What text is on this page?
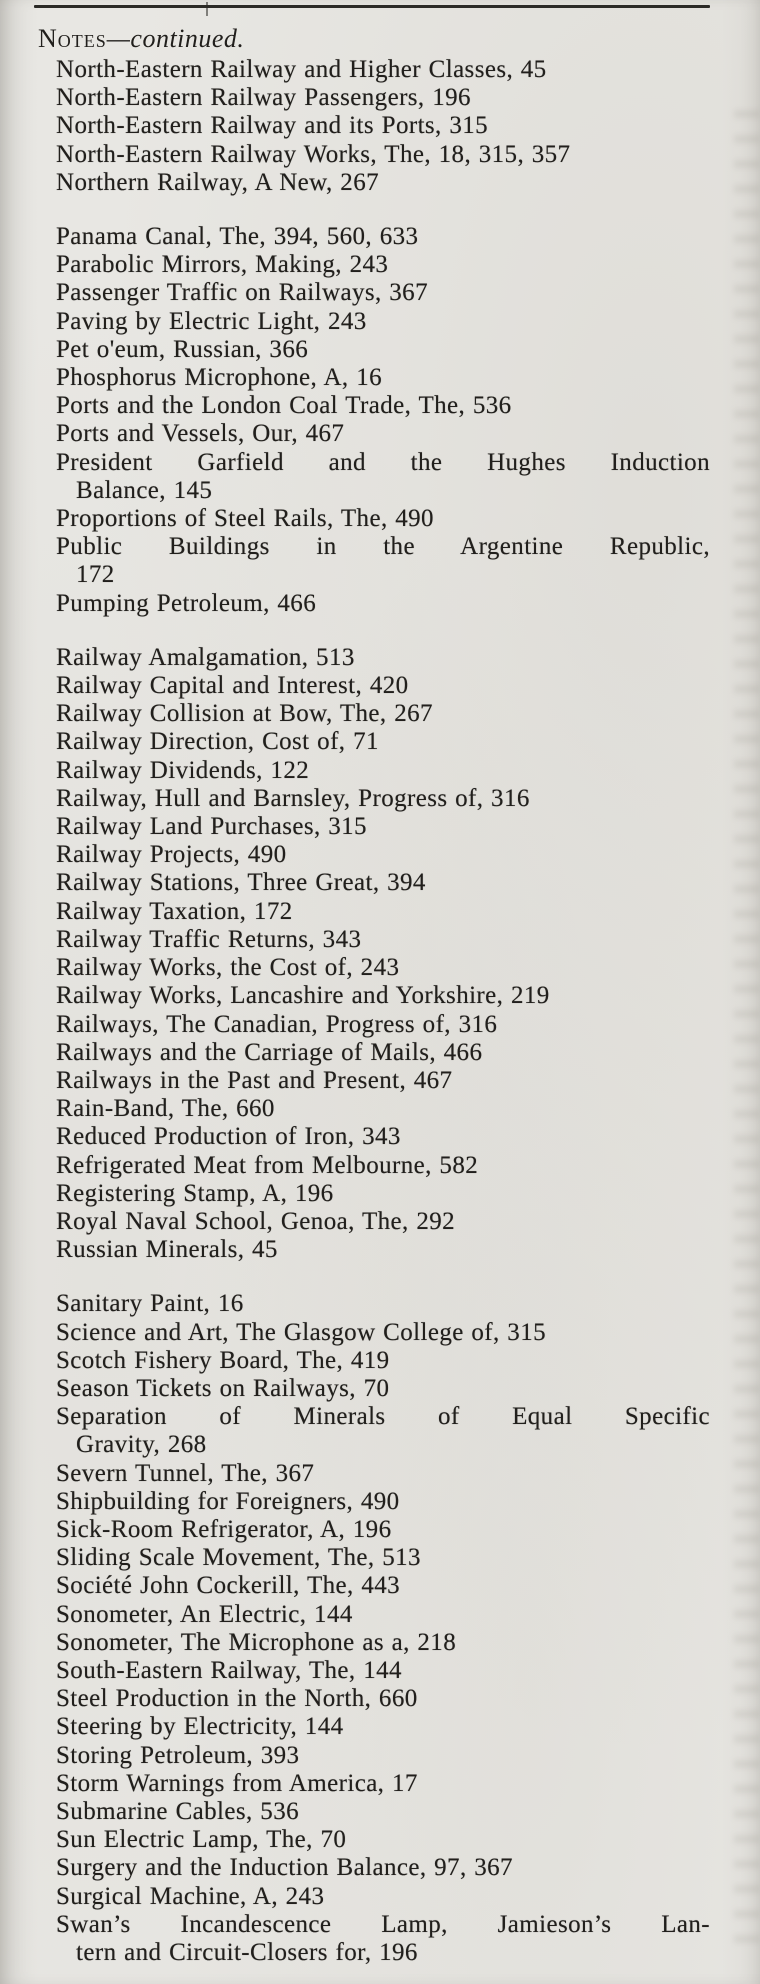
Notes—continued.
North-Eastern Railway and Higher Classes, 45
North-Eastern Railway Passengers, 196
North-Eastern Railway and its Ports, 315
North-Eastern Railway Works, The, 18, 315, 357
Northern Railway, A New, 267
Panama Canal, The, 394, 560, 633
Parabolic Mirrors, Making, 243
Passenger Traffic on Railways, 367
Paving by Electric Light, 243
Pet o'eum, Russian, 366
Phosphorus Microphone, A, 16
Ports and the London Coal Trade, The, 536
Ports and Vessels, Our, 467
President Garfield and the Hughes Induction
Balance, 145
Proportions of Steel Rails, The, 490
Public Buildings in the Argentine Republic,
172
Pumping Petroleum, 466
Railway Amalgamation, 513
Railway Capital and Interest, 420
Railway Collision at Bow, The, 267
Railway Direction, Cost of, 71
Railway Dividends, 122
Railway, Hull and Barnsley, Progress of, 316
Railway Land Purchases, 315
Railway Projects, 490
Railway Stations, Three Great, 394
Railway Taxation, 172
Railway Traffic Returns, 343
Railway Works, the Cost of, 243
Railway Works, Lancashire and Yorkshire, 219
Railways, The Canadian, Progress of, 316
Railways and the Carriage of Mails, 466
Railways in the Past and Present, 467
Rain-Band, The, 660
Reduced Production of Iron, 343
Refrigerated Meat from Melbourne, 582
Registering Stamp, A, 196
Royal Naval School, Genoa, The, 292
Russian Minerals, 45
Sanitary Paint, 16
Science and Art, The Glasgow College of, 315
Scotch Fishery Board, The, 419
Season Tickets on Railways, 70
Separation of Minerals of Equal Specific
Gravity, 268
Severn Tunnel, The, 367
Shipbuilding for Foreigners, 490
Sick-Room Refrigerator, A, 196
Sliding Scale Movement, The, 513
Société John Cockerill, The, 443
Sonometer, An Electric, 144
Sonometer, The Microphone as a, 218
South-Eastern Railway, The, 144
Steel Production in the North, 660
Steering by Electricity, 144
Storing Petroleum, 393
Storm Warnings from America, 17
Submarine Cables, 536
Sun Electric Lamp, The, 70
Surgery and the Induction Balance, 97, 367
Surgical Machine, A, 243
Swan’s Incandescence Lamp, Jamieson’s Lan-
tern and Circuit-Closers for, 196
